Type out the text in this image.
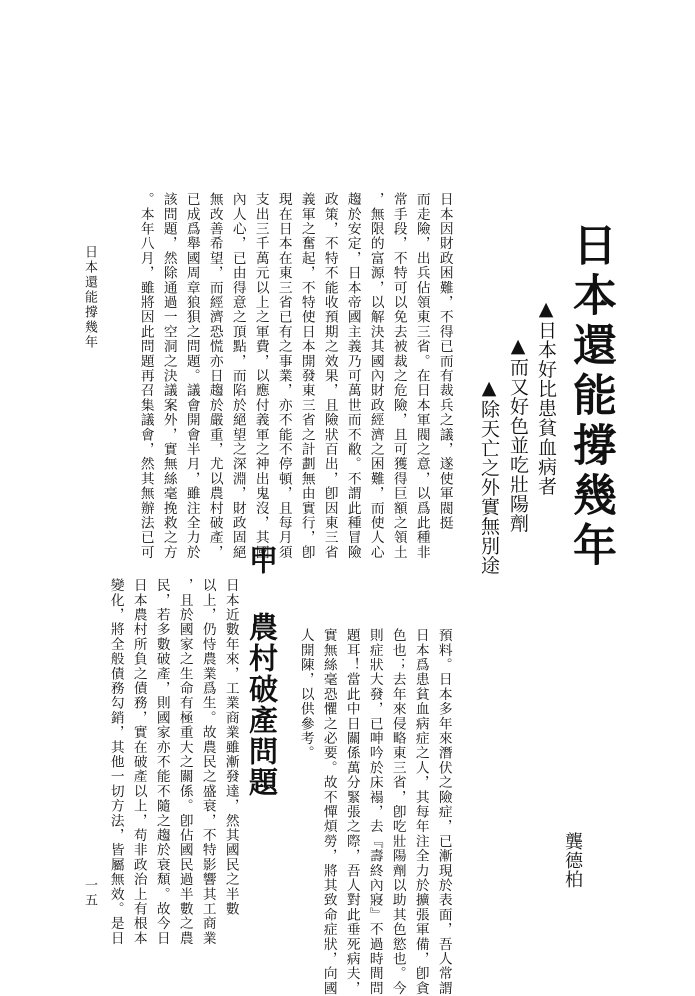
日本還能撐幾年
龔德柏
▲日本好比患貧血病者
▲而又好色並吃壯陽劑
▲除天亡之外實無別途
預料。日本多年來潛伏之險症，已漸現於表面，吾人常謂
日本爲患貧血病症之人，其每年注全力於擴張軍備，卽貪
色也；去年來侵略東三省，卽吃壯陽劑以助其色慾也。今
則症狀大發，已呻吟於床褟，去『壽終內寢』不過時間問
題耳！當此中日關係萬分緊張之際，吾人對此垂死病夫，
實無絲毫恐懼之必要。故不憚煩勞，將其致命症狀，向國
人開陳，以供參考。
甲 農村破產問題
日本近數年來，工業商業雖漸發達，然其國民之半數
以上，仍恃農業爲生。故農民之盛衰，不特影響其工商業
，且於國家之生命有極重大之關係。卽佔國民過半數之農
民，若多數破產，則國家亦不能不隨之趨於衰頹。故今日
日本農村所負之債務，實在破產以上，苟非政治上有根本
變化，將全般債務勾銷，其他一切方法，皆屬無效。是日
日本因財政困難，不得已而有裁兵之議，遂使軍閥挺
而走險，出兵佔領東三省。在日本軍閥之意，以爲此種非
常手段，不特可以免去被裁之危險，且可獲得巨額之領土
，無限的富源，以解決其國內財政經濟之困難，而使人心
趨於安定，日本帝國主義乃可萬世而不敝。不謂此種冒險
政策，不特不能收預期之效果，且險狀百出，卽因東三省
義軍之奮起，不特使日本開發東三省之計劃無由實行，卽
現在日本在東三省已有之事業，亦不能不停頓，且每月須
支出三千萬元以上之軍費，以應付義軍之神出鬼沒，其國
內人心，已由得意之頂點，而陷於絕望之深淵，財政固絕
無改善希望，而經濟恐慌亦日趨於嚴重，尤以農村破產，
已成爲舉國周章狼狽之問題。議會開會半月，雖注全力於
該問題，然除通過一空洞之決議案外，實無絲毫挽救之方
。本年八月，雖將因此問題再召集議會，然其無辦法已可
日本還能撐幾年
一五
